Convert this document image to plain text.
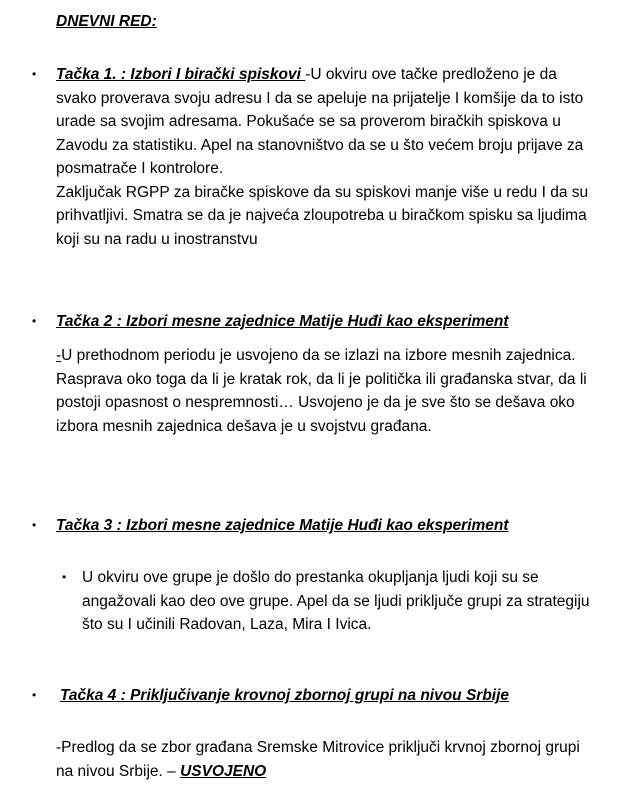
DNEVNI RED:
• Tačka 1. : Izbori I birački spiskovi -U okviru ove tačke predloženo je da svako proverava svoju adresu I da se apeluje na prijatelje I komšije da to isto urade sa svojim adresama. Pokušaće se sa proverom biračkih spiskova u Zavodu za statistiku. Apel na stanovništvo da se u što većem broju prijave za posmatrače I kontrolore.
Zaključak RGPP za biračke spiskove da su spiskovi manje više u redu I da su prihvatljivi. Smatra se da je najveća zloupotreba u biračkom spisku sa ljudima koji su na radu u inostranstvu
• Tačka 2 : Izbori mesne zajednice Matije Huđi kao eksperiment
-U prethodnom periodu je usvojeno da se izlazi na izbore mesnih zajednica. Rasprava oko toga da li je kratak rok, da li je politička ili građanska stvar, da li postoji opasnost o nespremnosti… Usvojeno je da je sve što se dešava oko izbora mesnih zajednica dešava je u svojstvu građana.
• Tačka 3 : Izbori mesne zajednice Matije Huđi kao eksperiment
• U okviru ove grupe je došlo do prestanka okupljanja ljudi koji su se angažovali kao deo ove grupe. Apel da se ljudi priključe grupi za strategiju što su I učinili Radovan, Laza, Mira I Ivica.
• Tačka 4 : Priključivanje krovnoj zbornoj grupi na nivou Srbije
-Predlog da se zbor građana Sremske Mitrovice priključi krvnoj zbornoj grupi na nivou Srbije. – USVOJENO
